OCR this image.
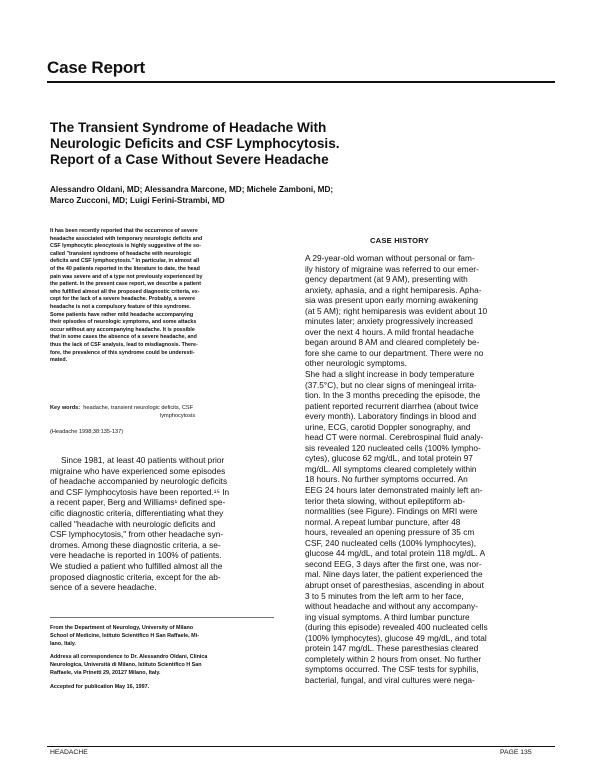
Case Report
The Transient Syndrome of Headache With
Neurologic Deficits and CSF Lymphocytosis.
Report of a Case Without Severe Headache
Alessandro Oldani, MD; Alessandra Marcone, MD; Michele Zamboni, MD;
Marco Zucconi, MD; Luigi Ferini-Strambi, MD
It has been recently reported that the occurrence of severe
headache associated with temporary neurologic deficits and
CSF lymphocytic pleocytosis is highly suggestive of the so-
called "transient syndrome of headache with neurologic
deficits and CSF lymphocytosis." In particular, in almost all
of the 40 patients reported in the literature to date, the head
pain was severe and of a type not previously experienced by
the patient. In the present case report, we describe a patient
who fulfilled almost all the proposed diagnostic criteria, ex-
cept for the lack of a severe headache. Probably, a severe
headache is not a compulsory feature of this syndrome.
Some patients have rather mild headache accompanying
their episodes of neurologic symptoms, and some attacks
occur without any accompanying headache. It is possible
that in some cases the absence of a severe headache, and
thus the lack of CSF analysis, lead to misdiagnosis. There-
fore, the prevalence of this syndrome could be underesti-
mated.
Key words: headache, transient neurologic deficits, CSF
lymphocytosis
(Headache 1998;38:135-137)
Since 1981, at least 40 patients without prior
migraine who have experienced some episodes
of headache accompanied by neurologic deficits
and CSF lymphocytosis have been reported.¹⁵ In
a recent paper, Berg and Williams¹ defined spe-
cific diagnostic criteria, differentiating what they
called "headache with neurologic deficits and
CSF lymphocytosis," from other headache syn-
dromes. Among these diagnostic criteria, a se-
vere headache is reported in 100% of patients.
We studied a patient who fulfilled almost all the
proposed diagnostic criteria, except for the ab-
sence of a severe headache.
From the Department of Neurology, University of Milano
School of Medicine, Istituto Scientifico H San Raffaele, Mi-
lano, Italy.
Address all correspondence to Dr. Alessandro Oldani, Clinica
Neurologica, Università di Milano, Istituto Scientifico H San
Raffaele, via Prinetti 29, 20127 Milano, Italy.
Accepted for publication May 16, 1997.
CASE HISTORY
A 29-year-old woman without personal or fam-
ily history of migraine was referred to our emer-
gency department (at 9 AM), presenting with
anxiety, aphasia, and a right hemiparesis. Apha-
sia was present upon early morning awakening
(at 5 AM); right hemiparesis was evident about 10
minutes later; anxiety progressively increased
over the next 4 hours. A mild frontal headache
began around 8 AM and cleared completely be-
fore she came to our department. There were no
other neurologic symptoms.
She had a slight increase in body temperature
(37.5°C), but no clear signs of meningeal irrita-
tion. In the 3 months preceding the episode, the
patient reported recurrent diarrhea (about twice
every month). Laboratory findings in blood and
urine, ECG, carotid Doppler sonography, and
head CT were normal. Cerebrospinal fluid analy-
sis revealed 120 nucleated cells (100% lympho-
cytes), glucose 62 mg/dL, and total protein 97
mg/dL. All symptoms cleared completely within
18 hours. No further symptoms occurred. An
EEG 24 hours later demonstrated mainly left an-
terior theta slowing, without epileptiform ab-
normalities (see Figure). Findings on MRI were
normal. A repeat lumbar puncture, after 48
hours, revealed an opening pressure of 35 cm
CSF, 240 nucleated cells (100% lymphocytes),
glucose 44 mg/dL, and total protein 118 mg/dL. A
second EEG, 3 days after the first one, was nor-
mal. Nine days later, the patient experienced the
abrupt onset of paresthesias, ascending in about
3 to 5 minutes from the left arm to her face,
without headache and without any accompany-
ing visual symptoms. A third lumbar puncture
(during this episode) revealed 400 nucleated cells
(100% lymphocytes), glucose 49 mg/dL, and total
protein 147 mg/dL. These paresthesias cleared
completely within 2 hours from onset. No further
symptoms occurred. The CSF tests for syphilis,
bacterial, fungal, and viral cultures were nega-
HEADACHE	PAGE 135
